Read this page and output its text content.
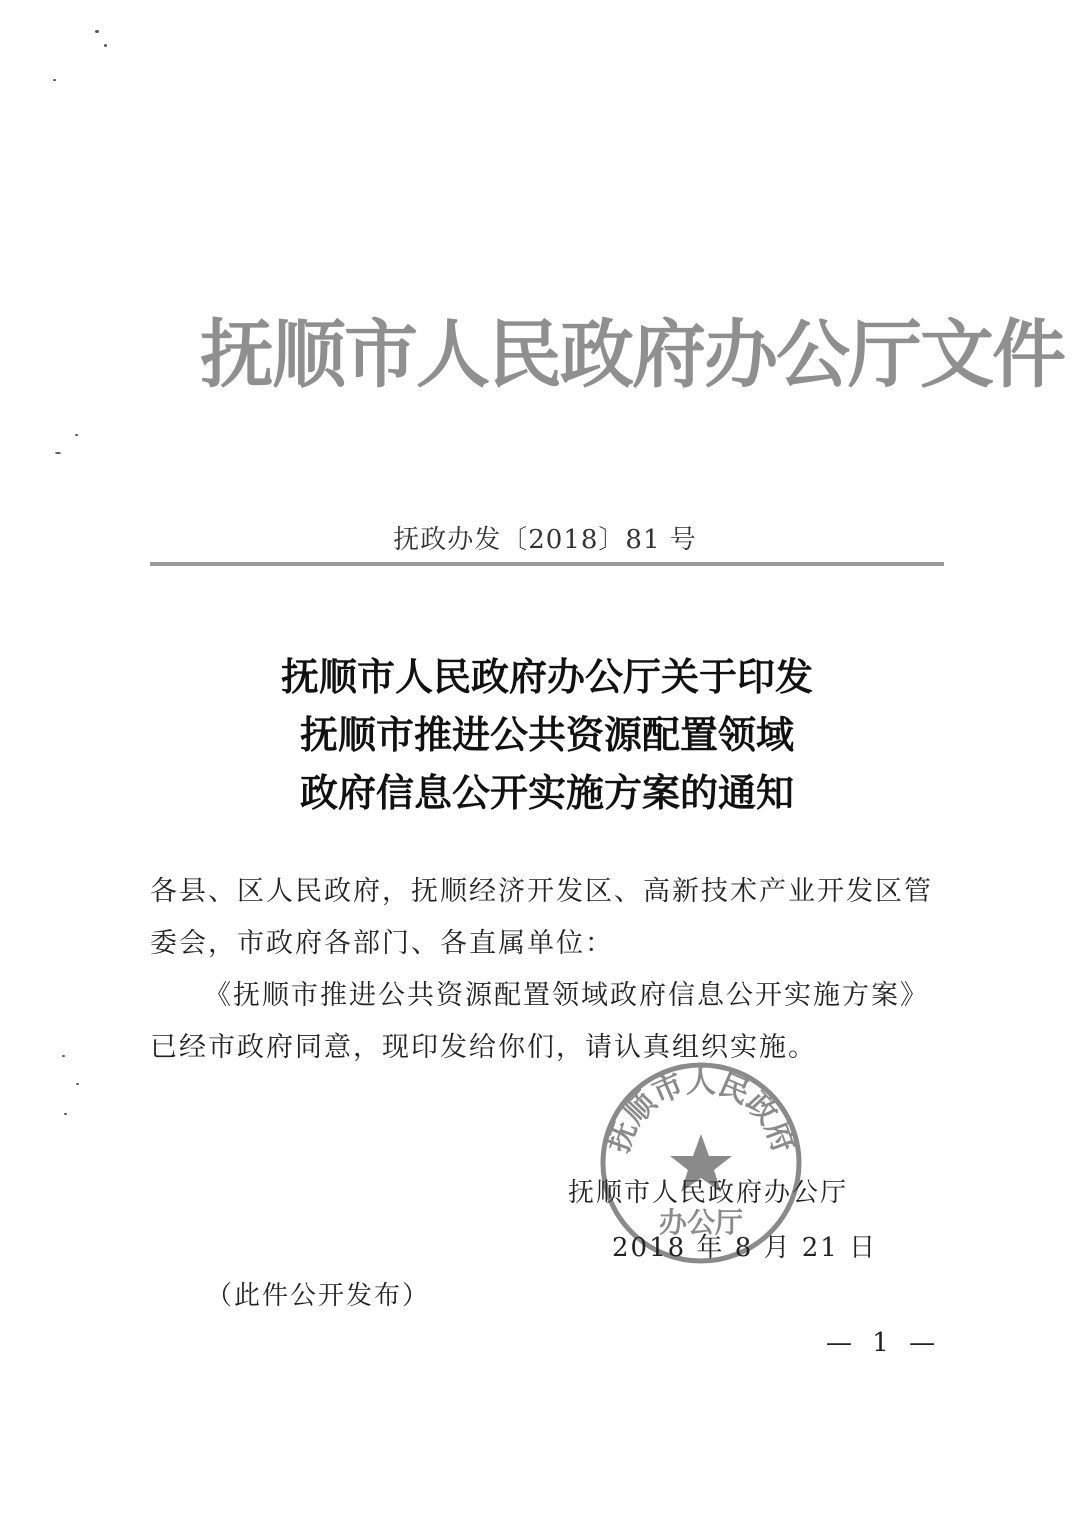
抚顺市人民政府办公厅文件
抚政办发〔2018〕81 号
抚顺市人民政府办公厅关于印发
抚顺市推进公共资源配置领域
政府信息公开实施方案的通知

各县、区人民政府，抚顺经济开发区、高新技术产业开发区管委会，市政府各部门、各直属单位：

《抚顺市推进公共资源配置领域政府信息公开实施方案》已经市政府同意，现印发给你们，请认真组织实施。

抚顺市人民政府
办公厅
抚顺市人民政府办公厅
2018 年 8 月 21 日
（此件公开发布）
— 1 —
